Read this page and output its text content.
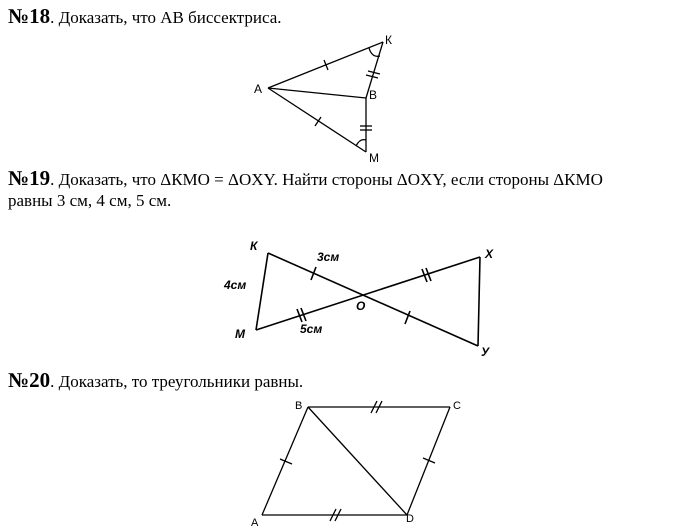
№18. Доказать, что АВ биссектриса.
№19. Доказать, что ΔКМО = ΔОXY. Найти стороны ΔОXY, если стороны ΔКМО
равны 3 см, 4 см, 5 см.
№20. Доказать, то треугольники равны.
А	B
К
М
К
М
О
Х
У
4см
3см
5см
B	C
A	D
